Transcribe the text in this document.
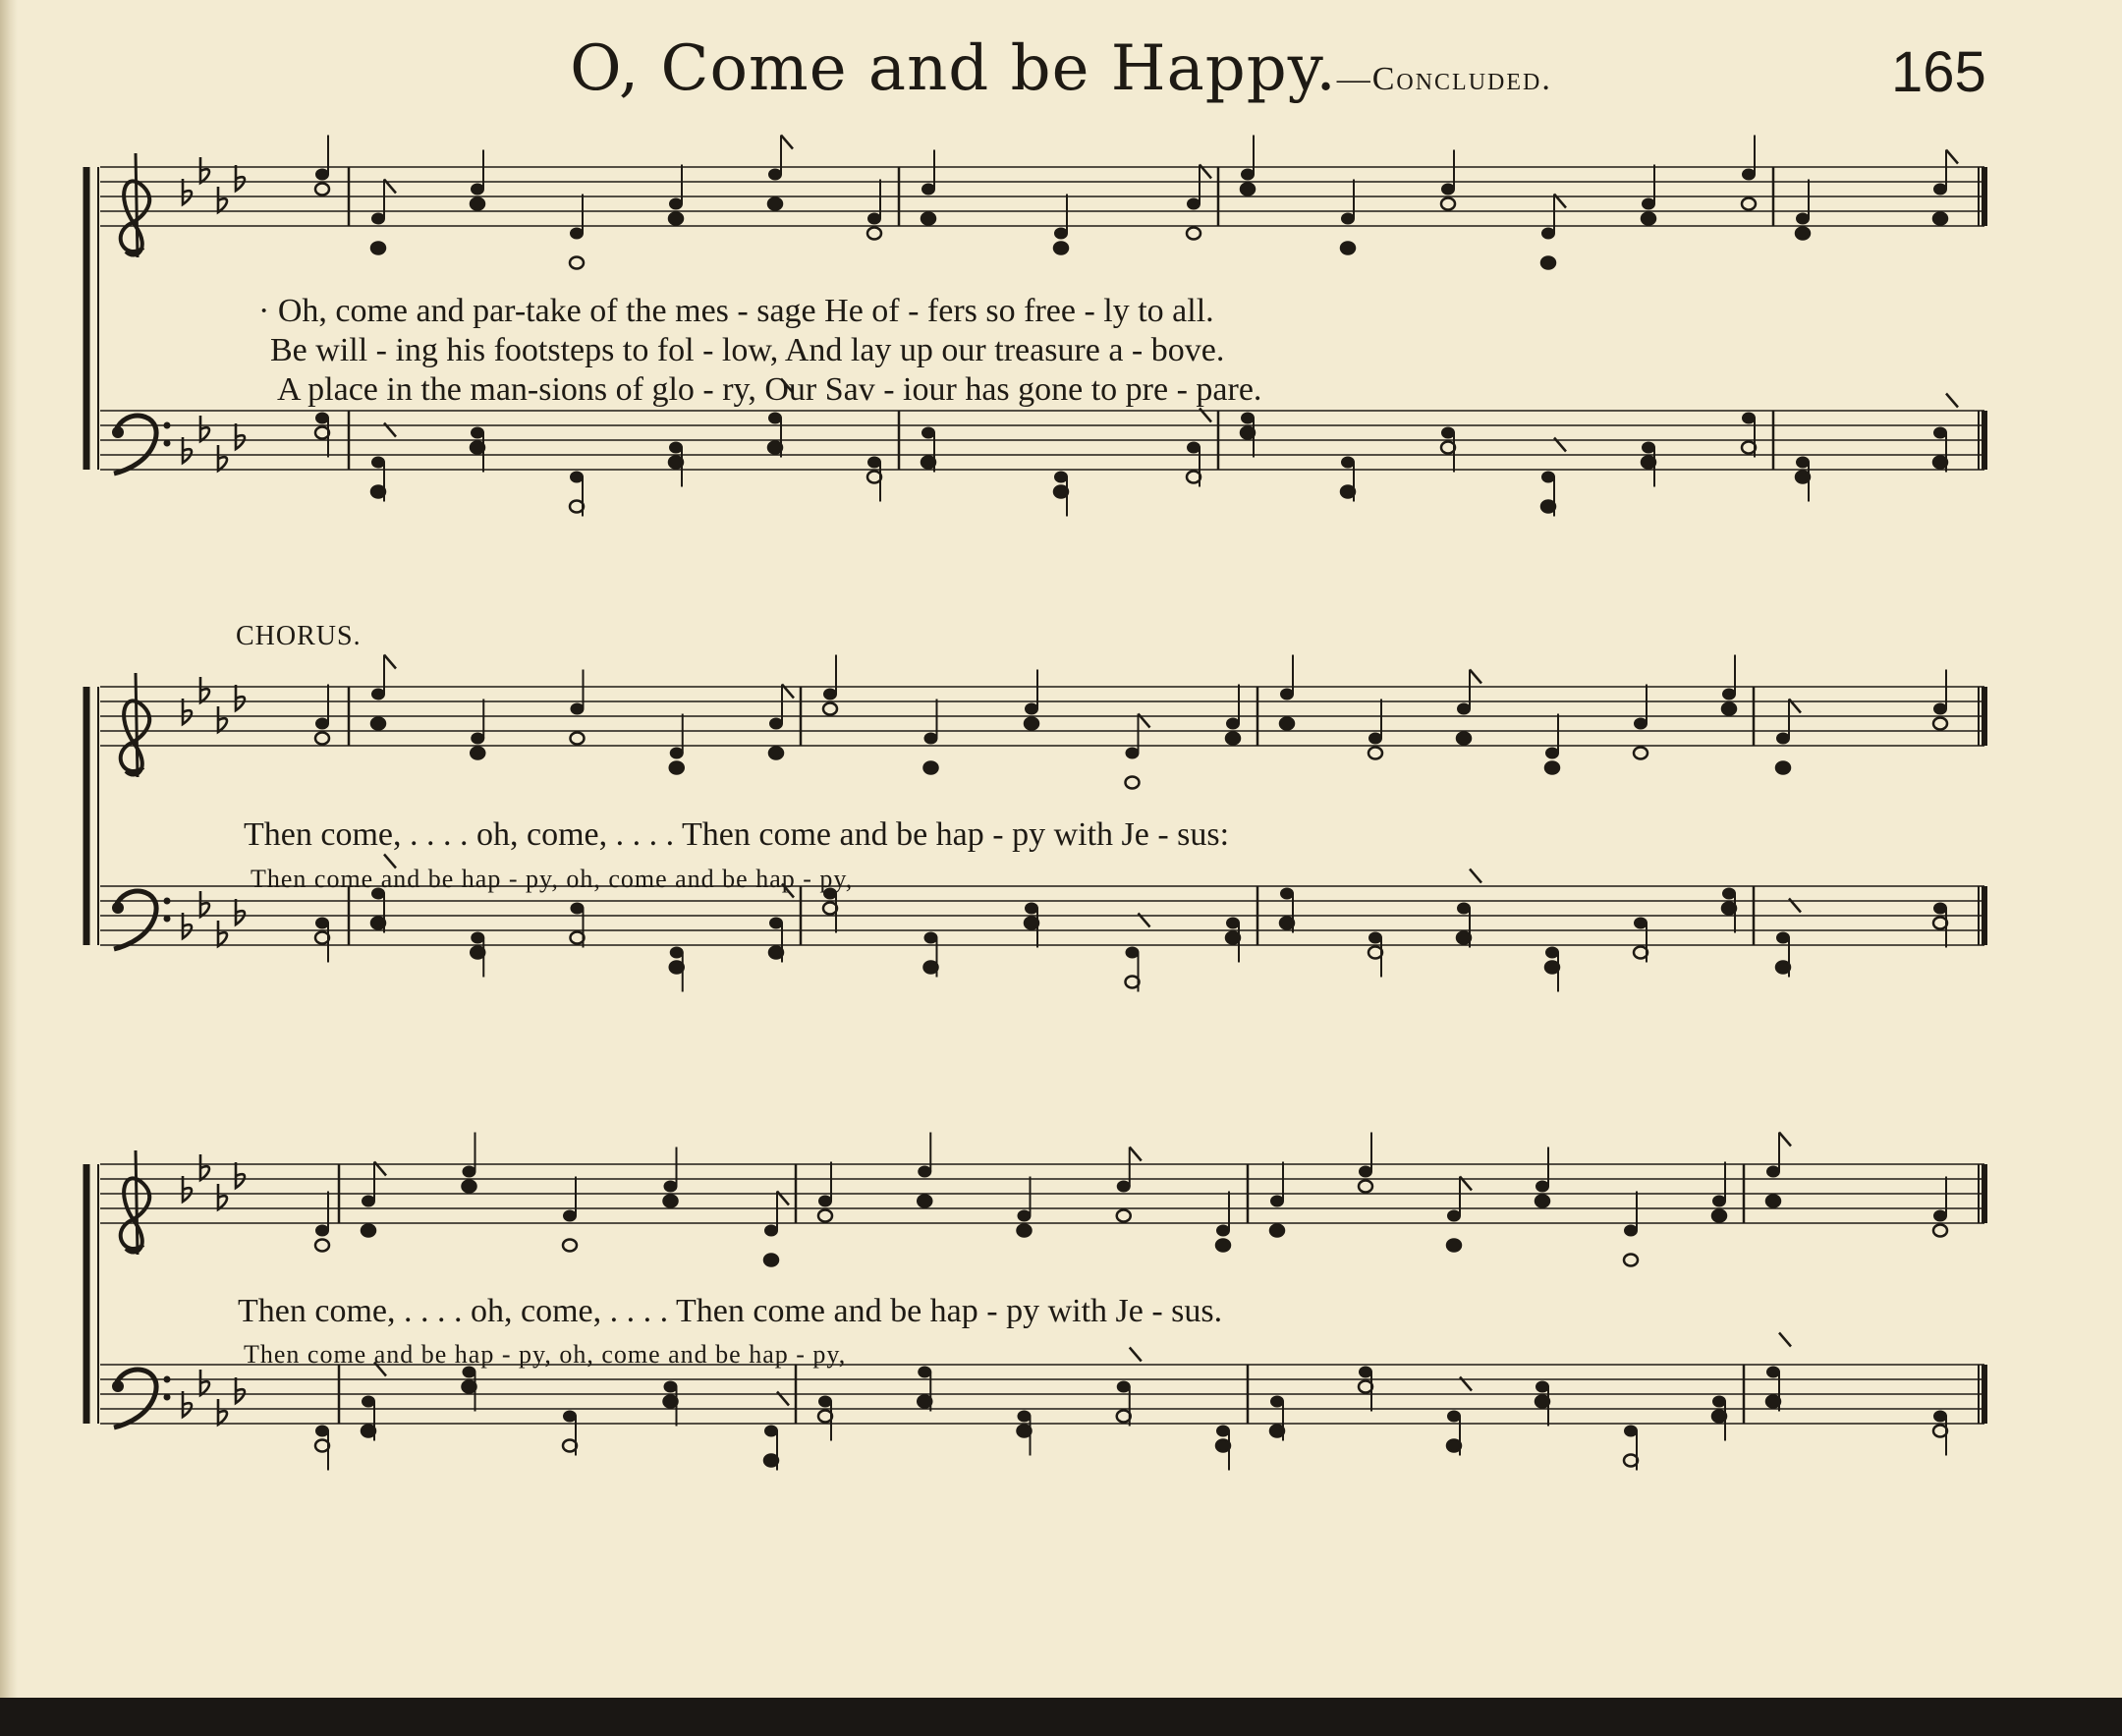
O, Come and be Happy.—Concluded.	165
· Oh, come and par-take of the mes - sage He of - fers so free - ly to all.
Be will - ing his footsteps to fol - low, And lay up our treasure a - bove.
A place in the man-sions of glo - ry, Our Sav - iour has gone to pre - pare.
CHORUS.
Then come, . . . . oh, come, . . . . Then come and be hap - py with Je - sus:
Then come and be hap - py, oh, come and be hap - py,
Then come, . . . . oh, come, . . . . Then come and be hap - py with Je - sus.
Then come and be hap - py, oh, come and be hap - py,
